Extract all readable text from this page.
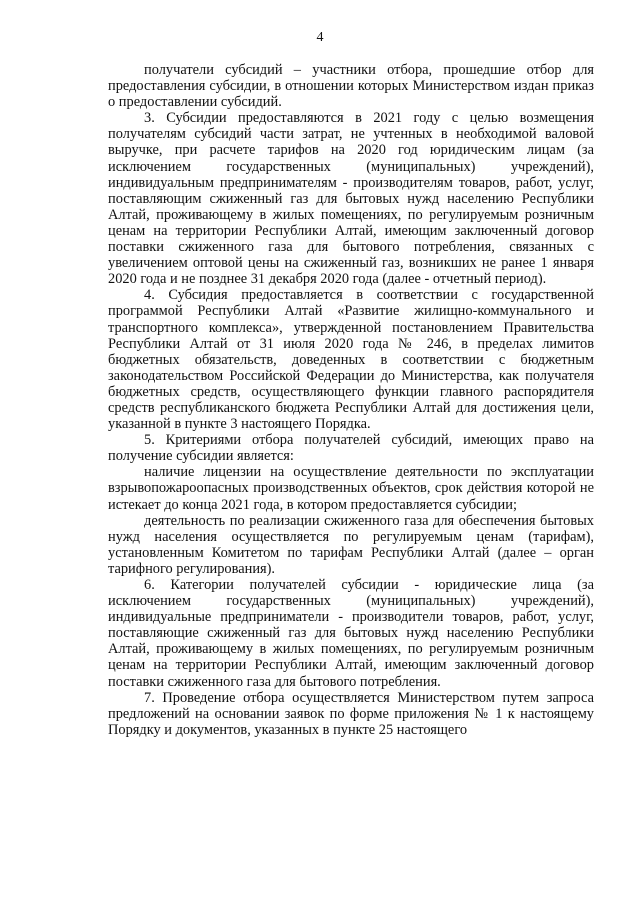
4

получатели субсидий – участники отбора, прошедшие отбор для предоставления субсидии, в отношении которых Министерством издан приказ о предоставлении субсидий.

3. Субсидии предоставляются в 2021 году с целью возмещения получателям субсидий части затрат, не учтенных в необходимой валовой выручке, при расчете тарифов на 2020 год юридическим лицам (за исключением государственных (муниципальных) учреждений), индивидуальным предпринимателям - производителям товаров, работ, услуг, поставляющим сжиженный газ для бытовых нужд населению Республики Алтай, проживающему в жилых помещениях, по регулируемым розничным ценам на территории Республики Алтай, имеющим заключенный договор поставки сжиженного газа для бытового потребления, связанных с увеличением оптовой цены на сжиженный газ, возникших не ранее 1 января 2020 года и не позднее 31 декабря 2020 года (далее - отчетный период).

4. Субсидия предоставляется в соответствии с государственной программой Республики Алтай «Развитие жилищно-коммунального и транспортного комплекса», утвержденной постановлением Правительства Республики Алтай от 31 июля 2020 года № 246, в пределах лимитов бюджетных обязательств, доведенных в соответствии с бюджетным законодательством Российской Федерации до Министерства, как получателя бюджетных средств, осуществляющего функции главного распорядителя средств республиканского бюджета Республики Алтай для достижения цели, указанной в пункте 3 настоящего Порядка.

5. Критериями отбора получателей субсидий, имеющих право на получение субсидии является:

наличие лицензии на осуществление деятельности по эксплуатации взрывопожароопасных производственных объектов, срок действия которой не истекает до конца 2021 года, в котором предоставляется субсидии;

деятельность по реализации сжиженного газа для обеспечения бытовых нужд населения осуществляется по регулируемым ценам (тарифам), установленным Комитетом по тарифам Республики Алтай (далее – орган тарифного регулирования).

6. Категории получателей субсидии - юридические лица (за исключением государственных (муниципальных) учреждений), индивидуальные предприниматели - производители товаров, работ, услуг, поставляющие сжиженный газ для бытовых нужд населению Республики Алтай, проживающему в жилых помещениях, по регулируемым розничным ценам на территории Республики Алтай, имеющим заключенный договор поставки сжиженного газа для бытового потребления.

7. Проведение отбора осуществляется Министерством путем запроса предложений на основании заявок по форме приложения № 1 к настоящему Порядку и документов, указанных в пункте 25 настоящего
